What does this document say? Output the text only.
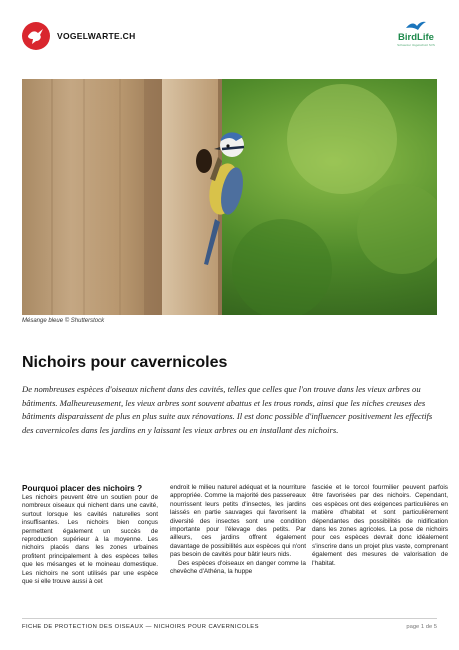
VOGELWARTE.CH	BirdLife
Schweizer Vogelschutz SVS
Mésange bleue © Shutterstock
Nichoirs pour cavernicoles

De nombreuses espèces d'oiseaux nichent dans des cavités, telles que celles que l'on trouve dans les vieux arbres ou bâtiments. Malheureusement, les vieux arbres sont souvent abattus et les trous ronds, ainsi que les niches creuses des bâtiments disparaissent de plus en plus suite aux rénovations. Il est donc possible d'influencer positivement les effectifs des cavernicoles dans les jardins en y laissant les vieux arbres ou en installant des nichoirs.

Pourquoi placer des nichoirs ?

Les nichoirs peuvent être un soutien pour de nombreux oiseaux qui nichent dans une cavité, surtout lorsque les cavités naturelles sont insuffisantes. Les nichoirs bien conçus permettent également un succès de reproduction supérieur à la moyenne. Les nichoirs placés dans les zones urbaines profitent principalement à des espèces telles que les mésanges et le moineau domestique. Les nichoirs ne sont utilisés par une espèce que si elle trouve aussi à cet

endroit le milieu naturel adéquat et la nourriture appropriée. Comme la majorité des passereaux nourrissent leurs petits d'insectes, les jardins laissés en partie sauvages qui favorisent la diversité des insectes sont une condition importante pour l'élevage des petits. Par ailleurs, ces jardins offrent également davantage de possibilités aux espèces qui n'ont pas besoin de cavités pour bâtir leurs nids.

Des espèces d'oiseaux en danger comme la chevêche d'Athéna, la huppe

fasciée et le torcol fourmilier peuvent parfois être favorisées par des nichoirs. Cependant, ces espèces ont des exigences particulières en matière d'habitat et sont particulièrement dépendantes des possibilités de nidification dans les zones agricoles. La pose de nichoirs pour ces espèces devrait donc idéalement s'inscrire dans un projet plus vaste, comprenant également des mesures de valorisation de l'habitat.

FICHE DE PROTECTION DES OISEAUX — NICHOIRS POUR CAVERNICOLES	page 1 de 5
